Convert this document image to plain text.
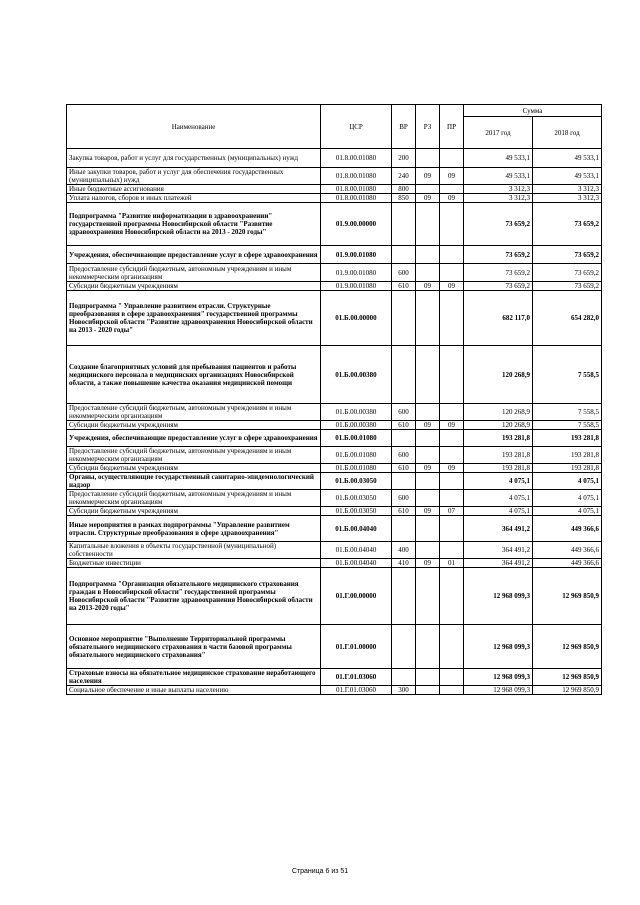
Наименование	ЦСР	ВР	РЗ	ПР	Сумма	
					2017 год	2018 год
Закупка товаров, работ и услуг для государственных (муниципальных) нужд	01.8.00.01080	200			49 533,1	49 533,1
Иные закупки товаров, работ и услуг для обеспечения государственных (муниципальных) нужд	01.8.00.01080	240	09	09	49 533,1	49 533,1
Иные бюджетные ассигнования	01.8.00.01080	800			3 312,3	3 312,3
Уплата налогов, сборов и иных платежей	01.8.00.01080	850	09	09	3 312,3	3 312,3
Подпрограмма "Развитие информатизации в здравоохранении" государственной программы Новосибирской области "Развитие здравоохранения Новосибирской области на 2013 - 2020 годы"	01.9.00.00000				73 659,2	73 659,2
Учреждения, обеспечивающие предоставление услуг в сфере здравоохранения	01.9.00.01080				73 659,2	73 659,2
Предоставление субсидий бюджетным, автономным учреждениям и иным некоммерческим организациям	01.9.00.01080	600			73 659,2	73 659,2
Субсидии бюджетным учреждениям	01.9.00.01080	610	09	09	73 659,2	73 659,2
Подпрограмма " Управление развитием отрасли. Структурные преобразования в сфере здравоохранения" государственной программы Новосибирской области "Развитие здравоохранения Новосибирской области на 2013 - 2020 годы"	01.Б.00.00000				682 117,0	654 282,0
Создание благоприятных условий для пребывания пациентов и работы медицинского персонала в медицинских организациях Новосибирской области, а также повышение качества оказания медицинской помощи	01.Б.00.00380				120 268,9	7 558,5
Предоставление субсидий бюджетным, автономным учреждениям и иным некоммерческим организациям	01.Б.00.00380	600			120 268,9	7 558,5
Субсидии бюджетным учреждениям	01.Б.00.00380	610	09	09	120 268,9	7 558,5
Учреждения, обеспечивающие предоставление услуг в сфере здравоохранения	01.Б.00.01080				193 281,8	193 281,8
Предоставление субсидий бюджетным, автономным учреждениям и иным некоммерческим организациям	01.Б.00.01080	600			193 281,8	193 281,8
Субсидии бюджетным учреждениям	01.Б.00.01080	610	09	09	193 281,8	193 281,8
Органы, осуществляющие государственный санитарно-эпидемиологический надзор	01.Б.00.03050				4 075,1	4 075,1
Предоставление субсидий бюджетным, автономным учреждениям и иным некоммерческим организациям	01.Б.00.03050	600			4 075,1	4 075,1
Субсидии бюджетным учреждениям	01.Б.00.03050	610	09	07	4 075,1	4 075,1
Иные мероприятия в рамках подпрограммы "Управление развитием отрасли. Структурные преобразования в сфере здравоохранения"	01.Б.00.04040				364 491,2	449 366,6
Капитальные вложения в объекты государственной (муниципальной) собственности	01.Б.00.04040	400			364 491,2	449 366,6
Бюджетные инвестиции	01.Б.00.04040	410	09	01	364 491,2	449 366,6
Подпрограмма "Организация обязательного медицинского страхования граждан в Новосибирской области" государственной программы Новосибирской области "Развитие здравоохранения Новосибирской области на 2013-2020 годы"	01.Г.00.00000				12 968 099,3	12 969 850,9
Основное мероприятие "Выполнение Территориальной программы обязательного медицинского страхования в части базовой программы обязательного медицинского страхования"	01.Г.01.00000				12 968 099,3	12 969 850,9
Страховые взносы на обязательное медицинское страхование неработающего населения	01.Г.01.03060				12 968 099,3	12 969 850,9
Социальное обеспечение и иные выплаты населению	01.Г.01.03060	300			12 968 099,3	12 969 850,9
Страница 6 из 51
